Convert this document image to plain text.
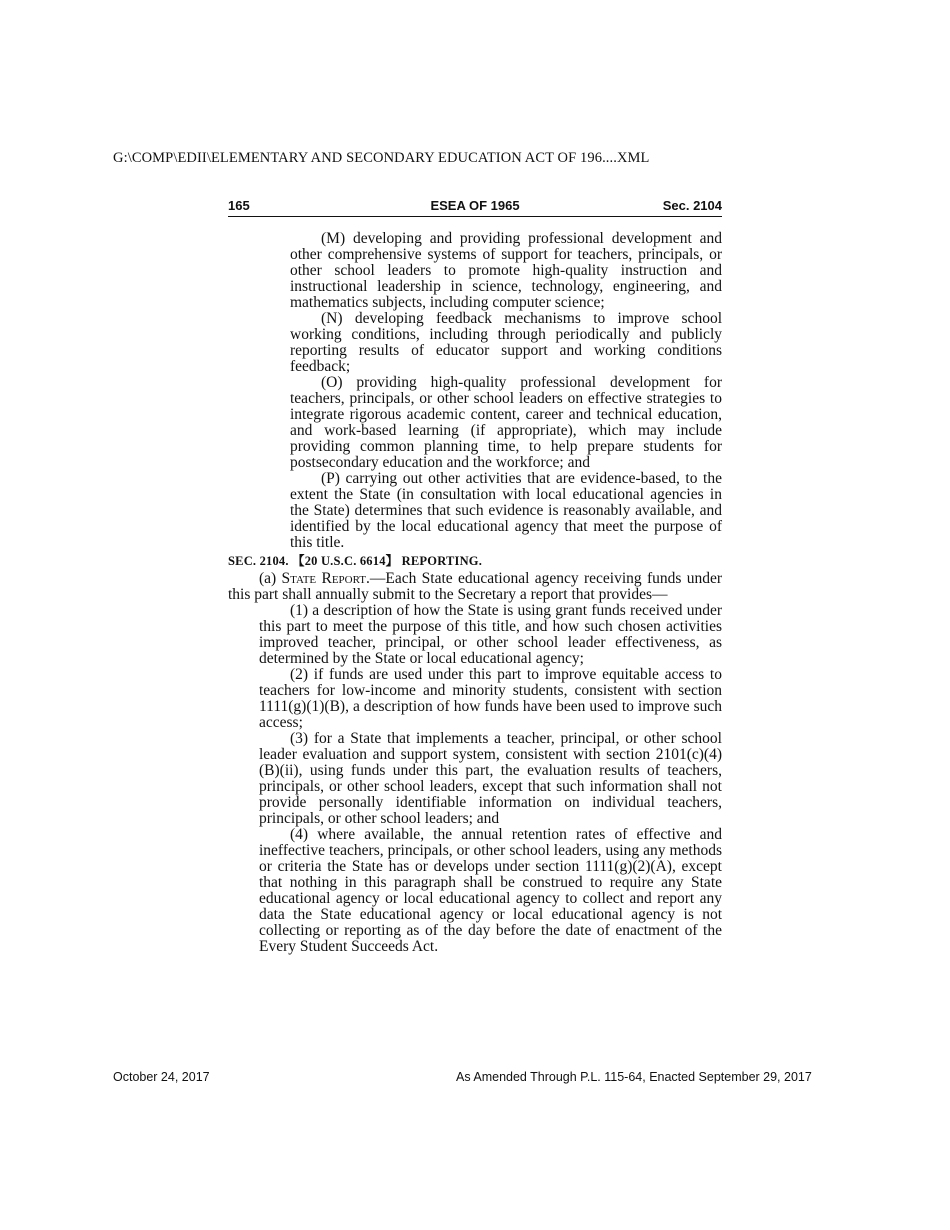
G:\COMP\EDII\ELEMENTARY AND SECONDARY EDUCATION ACT OF 196....XML
165	ESEA OF 1965	Sec. 2104

(M) developing and providing professional development and other comprehensive systems of support for teachers, principals, or other school leaders to promote high-quality instruction and instructional leadership in science, technology, engineering, and mathematics subjects, including computer science;

(N) developing feedback mechanisms to improve school working conditions, including through periodically and publicly reporting results of educator support and working conditions feedback;

(O) providing high-quality professional development for teachers, principals, or other school leaders on effective strategies to integrate rigorous academic content, career and technical education, and work-based learning (if appropriate), which may include providing common planning time, to help prepare students for postsecondary education and the workforce; and

(P) carrying out other activities that are evidence-based, to the extent the State (in consultation with local educational agencies in the State) determines that such evidence is reasonably available, and identified by the local educational agency that meet the purpose of this title.

SEC. 2104. 【20 U.S.C. 6614】 REPORTING.

(a) State Report.—Each State educational agency receiving funds under this part shall annually submit to the Secretary a report that provides—

(1) a description of how the State is using grant funds received under this part to meet the purpose of this title, and how such chosen activities improved teacher, principal, or other school leader effectiveness, as determined by the State or local educational agency;

(2) if funds are used under this part to improve equitable access to teachers for low-income and minority students, consistent with section 1111(g)(1)(B), a description of how funds have been used to improve such access;

(3) for a State that implements a teacher, principal, or other school leader evaluation and support system, consistent with section 2101(c)(4)(B)(ii), using funds under this part, the evaluation results of teachers, principals, or other school leaders, except that such information shall not provide personally identifiable information on individual teachers, principals, or other school leaders; and

(4) where available, the annual retention rates of effective and ineffective teachers, principals, or other school leaders, using any methods or criteria the State has or develops under section 1111(g)(2)(A), except that nothing in this paragraph shall be construed to require any State educational agency or local educational agency to collect and report any data the State educational agency or local educational agency is not collecting or reporting as of the day before the date of enactment of the Every Student Succeeds Act.

October 24, 2017	As Amended Through P.L. 115-64, Enacted September 29, 2017
